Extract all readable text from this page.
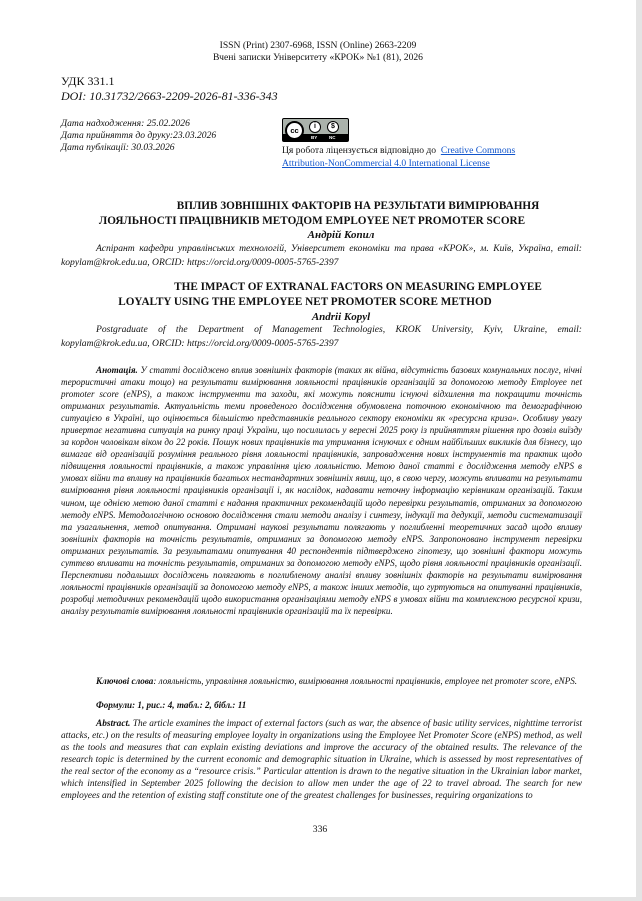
ISSN (Print) 2307-6968, ISSN (Online) 2663-2209
Вчені записки Університету «КРОК» №1 (81), 2026
УДК 331.1
DOI: 10.31732/2663-2209-2026-81-336-343
Дата надходження: 25.02.2026
Дата прийняття до друку:23.03.2026
Дата публікації: 30.03.2026
cc	i	$
BY	NC
Ця робота ліцензується відповідно до Creative Commons
Attribution-NonCommercial 4.0 International License
ВПЛИВ ЗОВНІШНІХ ФАКТОРІВ НА РЕЗУЛЬТАТИ ВИМІРЮВАННЯ
ЛОЯЛЬНОСТІ ПРАЦІВНИКІВ МЕТОДОМ EMPLOYEE NET PROMOTER SCORE
Андрій Копил
Аспірант кафедри управлінських технологій, Університет економіки та права «КРОК», м. Київ, Україна, email: kopylam@krok.edu.ua, ORCID: https://orcid.org/0009-0005-5765-2397
THE IMPACT OF EXTRANAL FACTORS ON MEASURING EMPLOYEE
LOYALTY USING THE EMPLOYEE NET PROMOTER SCORE METHOD
Andrii Kopyl
Postgraduate of the Department of Management Technologies, KROK University, Kyiv, Ukraine, email: kopylam@krok.edu.ua, ORCID: https://orcid.org/0009-0005-5765-2397
Анотація. У статті досліджено вплив зовнішніх факторів (таких як війна, відсутність базових комунальних послуг, нічні терористичні атаки тощо) на результати вимірювання лояльності працівників організацій за допомогою методу Employee net promoter score (eNPS), а також інструменти та заходи, які можуть пояснити існуючі відхилення та покращити точність отриманих результатів. Актуальність теми проведеного дослідження обумовлена поточною економічною та демографічною ситуацією в Україні, що оцінюється більшістю представників реального сектору економіки як «ресурсна криза». Особливу увагу привертає негативна ситуація на ринку праці України, що посилилась у вересні 2025 року із прийняттям рішення про дозвіл виїзду за кордон чоловікам віком до 22 років. Пошук нових працівників та утримання існуючих є одним найбільших викликів для бізнесу, що вимагає від організацій розуміння реального рівня лояльності працівників, запровадження нових інструментів та практик щодо підвищення лояльності працівників, а також управління цією лояльністю. Метою даної статті є дослідження методу eNPS в умовах війни та впливу на працівників багатьох нестандартних зовнішніх явищ, що, в свою чергу, можуть впливати на результати вимірювання рівня лояльності працівників організації і, як наслідок, надавати неточну інформацію керівникам організацій. Таким чином, ще однією метою даної статті є надання практичних рекомендацій щодо перевірки результатів, отриманих за допомогою методу eNPS. Методологічною основою дослідження стали методи аналізу і синтезу, індукції та дедукції, методи систематизації та узагальнення, метод опитування. Отримані наукові результати полягають у поглибленні теоретичних засад щодо впливу зовнішніх факторів на точність результатів, отриманих за допомогою методу eNPS. Запропоновано інструмент перевірки отриманих результатів. За результатами опитування 40 респондентів підтверджено гіпотезу, що зовнішні фактори можуть суттєво впливати на точність результатів, отриманих за допомогою методу eNPS, щодо рівня лояльності працівників організації. Перспективи подальших досліджень полягають в поглибленому аналізі впливу зовнішніх факторів на результати вимірювання лояльності працівників організацій за допомогою методу eNPS, а також інших методів, що гуртуються на опитуванні працівників, розробці методичних рекомендацій щодо використання організаціями методу eNPS в умовах війни та комплексною ресурсної кризи, аналізу результатів вимірювання лояльності працівників організацій та їх перевірки.
Ключові слова: лояльність, управління лояльністю, вимірювання лояльності працівників, employee net promoter score, eNPS.
Формули: 1, рис.: 4, табл.: 2, бібл.: 11
Abstract. The article examines the impact of external factors (such as war, the absence of basic utility services, nighttime terrorist attacks, etc.) on the results of measuring employee loyalty in organizations using the Employee Net Promoter Score (eNPS) method, as well as the tools and measures that can explain existing deviations and improve the accuracy of the obtained results. The relevance of the research topic is determined by the current economic and demographic situation in Ukraine, which is assessed by most representatives of the real sector of the economy as a “resource crisis.” Particular attention is drawn to the negative situation in the Ukrainian labor market, which intensified in September 2025 following the decision to allow men under the age of 22 to travel abroad. The search for new employees and the retention of existing staff constitute one of the greatest challenges for businesses, requiring organizations to
336
